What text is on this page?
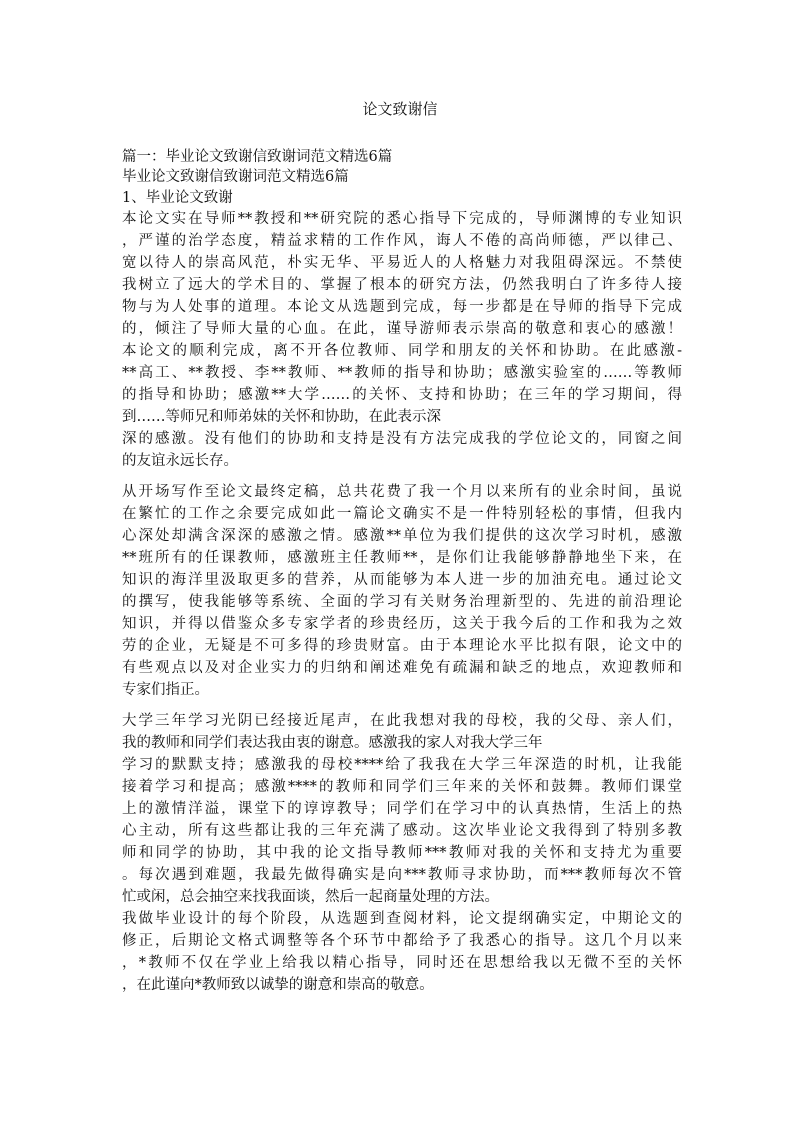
论文致谢信
篇一：毕业论文致谢信致谢词范文精选6篇
毕业论文致谢信致谢词范文精选6篇
1、毕业论文致谢
本论文实在导师**教授和**研究院的悉心指导下完成的，导师渊博的专业知识
，严谨的治学态度，精益求精的工作作风，诲人不倦的高尚师德，严以律己、
宽以待人的崇高风范，朴实无华、平易近人的人格魅力对我阻碍深远。不禁使
我树立了远大的学术目的、掌握了根本的研究方法，仍然我明白了许多待人接
物与为人处事的道理。本论文从选题到完成，每一步都是在导师的指导下完成
的，倾注了导师大量的心血。在此，谨导游师表示崇高的敬意和衷心的感激！
本论文的顺利完成，离不开各位教师、同学和朋友的关怀和协助。在此感激-
**高工、**教授、李**教师、**教师的指导和协助；感激实验室的……等教师
的指导和协助；感激**大学……的关怀、支持和协助；在三年的学习期间，得
到……等师兄和师弟妹的关怀和协助，在此表示深
深的感激。没有他们的协助和支持是没有方法完成我的学位论文的，同窗之间
的友谊永远长存。
从开场写作至论文最终定稿，总共花费了我一个月以来所有的业余时间，虽说
在繁忙的工作之余要完成如此一篇论文确实不是一件特别轻松的事情，但我内
心深处却满含深深的感激之情。感激**单位为我们提供的这次学习时机，感激
**班所有的任课教师，感激班主任教师**，是你们让我能够静静地坐下来，在
知识的海洋里汲取更多的营养，从而能够为本人进一步的加油充电。通过论文
的撰写，使我能够等系统、全面的学习有关财务治理新型的、先进的前沿理论
知识，并得以借鉴众多专家学者的珍贵经历，这关于我今后的工作和我为之效
劳的企业，无疑是不可多得的珍贵财富。由于本理论水平比拟有限，论文中的
有些观点以及对企业实力的归纳和阐述难免有疏漏和缺乏的地点，欢迎教师和
专家们指正。
大学三年学习光阴已经接近尾声，在此我想对我的母校，我的父母、亲人们，
我的教师和同学们表达我由衷的谢意。感激我的家人对我大学三年
学习的默默支持；感激我的母校****给了我我在大学三年深造的时机，让我能
接着学习和提高；感激****的教师和同学们三年来的关怀和鼓舞。教师们课堂
上的激情洋溢，课堂下的谆谆教导；同学们在学习中的认真热情，生活上的热
心主动，所有这些都让我的三年充满了感动。这次毕业论文我得到了特别多教
师和同学的协助，其中我的论文指导教师***教师对我的关怀和支持尤为重要
。每次遇到难题，我最先做得确实是向***教师寻求协助，而***教师每次不管
忙或闲，总会抽空来找我面谈，然后一起商量处理的方法。
我做毕业设计的每个阶段，从选题到查阅材料，论文提纲确实定，中期论文的
修正，后期论文格式调整等各个环节中都给予了我悉心的指导。这几个月以来
，*教师不仅在学业上给我以精心指导，同时还在思想给我以无微不至的关怀
，在此谨向*教师致以诚挚的谢意和崇高的敬意。
